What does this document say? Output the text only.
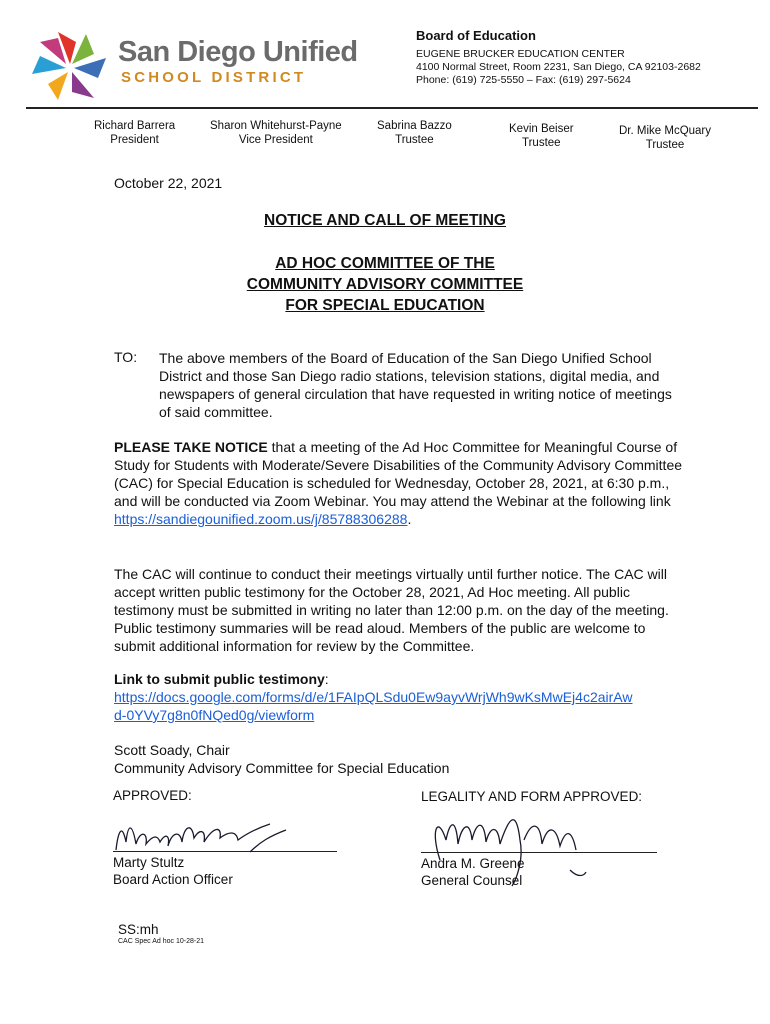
San Diego Unified
SCHOOL DISTRICT
Board of Education
EUGENE BRUCKER EDUCATION CENTER
4100 Normal Street, Room 2231, San Diego, CA 92103-2682
Phone: (619) 725-5550 – Fax: (619) 297-5624
Richard Barrera
President
Sharon Whitehurst-Payne
Vice President
Sabrina Bazzo
Trustee
Kevin Beiser
Trustee
Dr. Mike McQuary
Trustee
October 22, 2021
NOTICE AND CALL OF MEETING
AD HOC COMMITTEE OF THE
COMMUNITY ADVISORY COMMITTEE
FOR SPECIAL EDUCATION
TO: The above members of the Board of Education of the San Diego Unified School District and those San Diego radio stations, television stations, digital media, and newspapers of general circulation that have requested in writing notice of meetings of said committee.
PLEASE TAKE NOTICE that a meeting of the Ad Hoc Committee for Meaningful Course of Study for Students with Moderate/Severe Disabilities of the Community Advisory Committee (CAC) for Special Education is scheduled for Wednesday, October 28, 2021, at 6:30 p.m., and will be conducted via Zoom Webinar. You may attend the Webinar at the following link https://sandiegounified.zoom.us/j/85788306288.
The CAC will continue to conduct their meetings virtually until further notice. The CAC will accept written public testimony for the October 28, 2021, Ad Hoc meeting. All public testimony must be submitted in writing no later than 12:00 p.m. on the day of the meeting. Public testimony summaries will be read aloud. Members of the public are welcome to submit additional information for review by the Committee.
Link to submit public testimony:
https://docs.google.com/forms/d/e/1FAIpQLSdu0Ew9ayvWrjWh9wKsMwEj4c2airAw
d-0YVy7g8n0fNQed0g/viewform
Scott Soady, Chair
Community Advisory Committee for Special Education
APPROVED:
Marty Stultz
Board Action Officer
LEGALITY AND FORM APPROVED:
Andra M. Greene
General Counsel
SS:mh
CAC Spec Ad hoc 10-28-21
